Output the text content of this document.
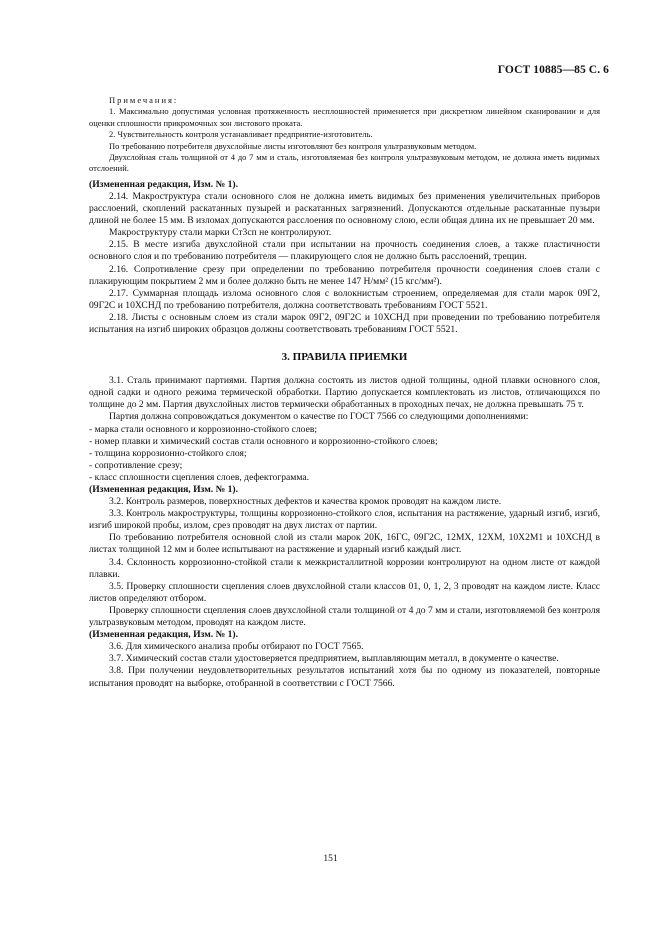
ГОСТ 10885—85 С. 6

Примечания:

1. Максимально допустимая условная протяженность несплошностей применяется при дискретном линейном сканировании и для оценки сплошности прикромочных зон листового проката.

2. Чувствительность контроля устанавливает предприятие-изготовитель.

По требованию потребителя двухслойные листы изготовляют без контроля ультразвуковым методом.

Двухслойная сталь толщиной от 4 до 7 мм и сталь, изготовляемая без контроля ультразвуковым методом, не должна иметь видимых отслоений.

(Измененная редакция, Изм. № 1).

2.14. Макроструктура стали основного слоя не должна иметь видимых без применения увеличительных приборов расслоений, скоплений раскатанных пузырей и раскатанных загрязнений. Допускаются отдельные раскатанные пузыри длиной не более 15 мм. В изломах допускаются расслоения по основному слою, если общая длина их не превышает 20 мм.

Макроструктуру стали марки Ст3сп не контролируют.

2.15. В месте изгиба двухслойной стали при испытании на прочность соединения слоев, а также пластичности основного слоя и по требованию потребителя — плакирующего слоя не должно быть расслоений, трещин.

2.16. Сопротивление срезу при определении по требованию потребителя прочности соединения слоев стали с плакирующим покрытием 2 мм и более должно быть не менее 147 Н/мм² (15 кгс/мм²).

2.17. Суммарная площадь излома основного слоя с волокнистым строением, определяемая для стали марок 09Г2, 09Г2С и 10ХСНД по требованию потребителя, должна соответствовать требованиям ГОСТ 5521.

2.18. Листы с основным слоем из стали марок 09Г2, 09Г2С и 10ХСНД при проведении по требованию потребителя испытания на изгиб широких образцов должны соответствовать требованиям ГОСТ 5521.

3. ПРАВИЛА ПРИЕМКИ

3.1. Сталь принимают партиями. Партия должна состоять из листов одной толщины, одной плавки основного слоя, одной садки и одного режима термической обработки. Партию допускается комплектовать из листов, отличающихся по толщине до 2 мм. Партия двухслойных листов термически обработанных в проходных печах, не должна превышать 75 т.

Партия должна сопровождаться документом о качестве по ГОСТ 7566 со следующими дополнениями:

- марка стали основного и коррозионно-стойкого слоев;

- номер плавки и химический состав стали основного и коррозионно-стойкого слоев;

- толщина коррозионно-стойкого слоя;

- сопротивление срезу;

- класс сплошности сцепления слоев, дефектограмма.

(Измененная редакция, Изм. № 1).

3.2. Контроль размеров, поверхностных дефектов и качества кромок проводят на каждом листе.

3.3. Контроль макроструктуры, толщины коррозионно-стойкого слоя, испытания на растяжение, ударный изгиб, изгиб, изгиб широкой пробы, излом, срез проводят на двух листах от партии.

По требованию потребителя основной слой из стали марок 20К, 16ГС, 09Г2С, 12МХ, 12ХМ, 10Х2М1 и 10ХСНД в листах толщиной 12 мм и более испытывают на растяжение и ударный изгиб каждый лист.

3.4. Склонность коррозионно-стойкой стали к межкристаллитной коррозии контролируют на одном листе от каждой плавки.

3.5. Проверку сплошности сцепления слоев двухслойной стали классов 01, 0, 1, 2, 3 проводят на каждом листе. Класс листов определяют отбором.

Проверку сплошности сцепления слоев двухслойной стали толщиной от 4 до 7 мм и стали, изготовляемой без контроля ультразвуковым методом, проводят на каждом листе.

(Измененная редакция, Изм. № 1).

3.6. Для химического анализа пробы отбирают по ГОСТ 7565.

3.7. Химический состав стали удостоверяется предприятием, выплавляющим металл, в документе о качестве.

3.8. При получении неудовлетворительных результатов испытаний хотя бы по одному из показателей, повторные испытания проводят на выборке, отобранной в соответствии с ГОСТ 7566.

151
